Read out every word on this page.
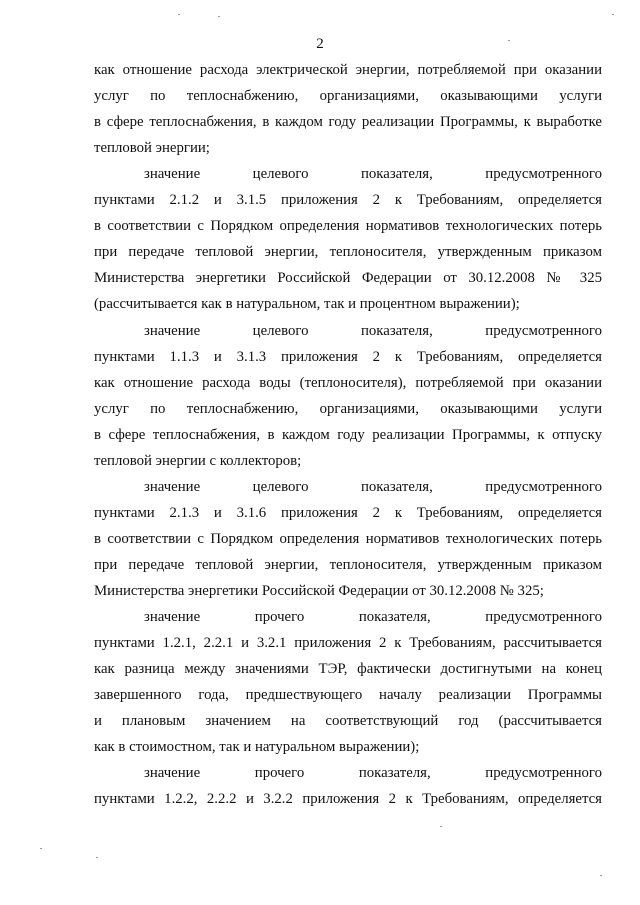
2
как отношение расхода электрической энергии, потребляемой при оказании
услуг по теплоснабжению, организациями, оказывающими услуги
в сфере теплоснабжения, в каждом году реализации Программы, к выработке
тепловой энергии;
значение целевого показателя, предусмотренного
пунктами 2.1.2 и 3.1.5 приложения 2 к Требованиям, определяется
в соответствии с Порядком определения нормативов технологических потерь
при передаче тепловой энергии, теплоносителя, утвержденным приказом
Министерства энергетики Российской Федерации от 30.12.2008 № 325
(рассчитывается как в натуральном, так и процентном выражении);
значение целевого показателя, предусмотренного
пунктами 1.1.3 и 3.1.3 приложения 2 к Требованиям, определяется
как отношение расхода воды (теплоносителя), потребляемой при оказании
услуг по теплоснабжению, организациями, оказывающими услуги
в сфере теплоснабжения, в каждом году реализации Программы, к отпуску
тепловой энергии с коллекторов;
значение целевого показателя, предусмотренного
пунктами 2.1.3 и 3.1.6 приложения 2 к Требованиям, определяется
в соответствии с Порядком определения нормативов технологических потерь
при передаче тепловой энергии, теплоносителя, утвержденным приказом
Министерства энергетики Российской Федерации от 30.12.2008 № 325;
значение прочего показателя, предусмотренного
пунктами 1.2.1, 2.2.1 и 3.2.1 приложения 2 к Требованиям, рассчитывается
как разница между значениями ТЭР, фактически достигнутыми на конец
завершенного года, предшествующего началу реализации Программы
и плановым значением на соответствующий год (рассчитывается
как в стоимостном, так и натуральном выражении);
значение прочего показателя, предусмотренного
пунктами 1.2.2, 2.2.2 и 3.2.2 приложения 2 к Требованиям, определяется
